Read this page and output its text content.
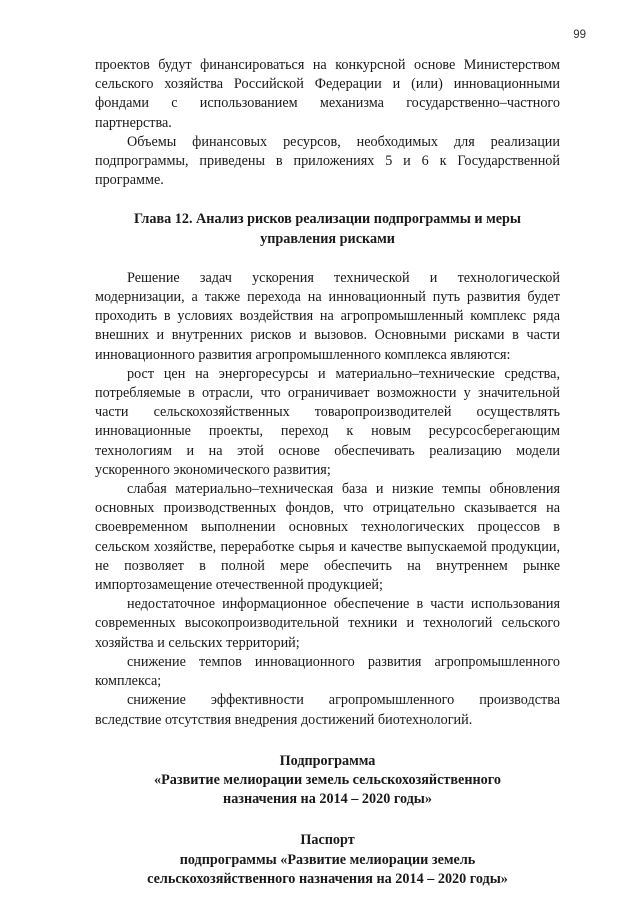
99

проектов будут финансироваться на конкурсной основе Министерством сельского хозяйства Российской Федерации и (или) инновационными фондами с использованием механизма государственно–частного партнерства.

Объемы финансовых ресурсов, необходимых для реализации подпрограммы, приведены в приложениях 5 и 6 к Государственной программе.

Глава 12. Анализ рисков реализации подпрограммы и меры управления рисками

Решение задач ускорения технической и технологической модернизации, а также перехода на инновационный путь развития будет проходить в условиях воздействия на агропромышленный комплекс ряда внешних и внутренних рисков и вызовов. Основными рисками в части инновационного развития агропромышленного комплекса являются:

рост цен на энергоресурсы и материально–технические средства, потребляемые в отрасли, что ограничивает возможности у значительной части сельскохозяйственных товаропроизводителей осуществлять инновационные проекты, переход к новым ресурсосберегающим технологиям и на этой основе обеспечивать реализацию модели ускоренного экономического развития;

слабая материально–техническая база и низкие темпы обновления основных производственных фондов, что отрицательно сказывается на своевременном выполнении основных технологических процессов в сельском хозяйстве, переработке сырья и качестве выпускаемой продукции, не позволяет в полной мере обеспечить на внутреннем рынке импортозамещение отечественной продукцией;

недостаточное информационное обеспечение в части использования современных высокопроизводительной техники и технологий сельского хозяйства и сельских территорий;

снижение темпов инновационного развития агропромышленного комплекса;

снижение эффективности агропромышленного производства вследствие отсутствия внедрения достижений биотехнологий.

Подпрограмма
«Развитие мелиорации земель сельскохозяйственного назначения на 2014 – 2020 годы»
Паспорт
подпрограммы «Развитие мелиорации земель сельскохозяйственного назначения на 2014 – 2020 годы»
